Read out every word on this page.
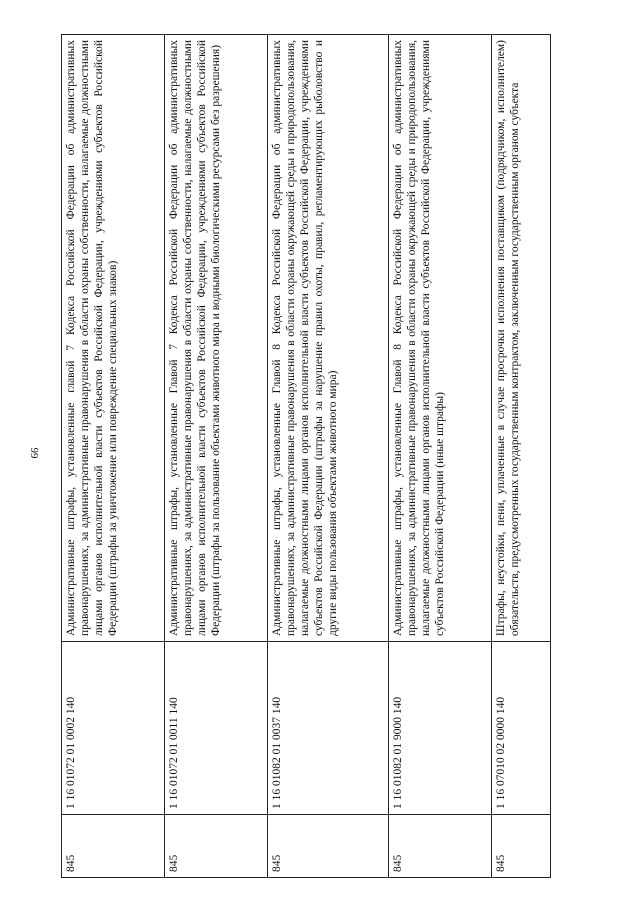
99
845	1 16 01072 01 0002 140	Административные штрафы, установленные главой 7 Кодекса Российской Федерации об административных правонарушениях, за административные правонарушения в области охраны собственности, налагаемые должностными лицами органов исполнительной власти субъектов Российской Федерации, учреждениями субъектов Российской Федерации (штрафы за уничтожение или повреждение специальных знаков)
845	1 16 01072 01 0011 140	Административные штрафы, установленные Главой 7 Кодекса Российской Федерации об административных правонарушениях, за административные правонарушения в области охраны собственности, налагаемые должностными лицами органов исполнительной власти субъектов Российской Федерации, учреждениями субъектов Российской Федерации (штрафы за пользование объектами животного мира и водными биологическими ресурсами без разрешения)
845	1 16 01082 01 0037 140	Административные штрафы, установленные Главой 8 Кодекса Российской Федерации об административных правонарушениях, за административные правонарушения в области охраны окружающей среды и природопользования, налагаемые должностными лицами органов исполнительной власти субъектов Российской Федерации, учреждениями субъектов Российской Федерации (штрафы за нарушение правил охоты, правил, регламентирующих рыболовство и другие виды пользования объектами животного мира)
845	1 16 01082 01 9000 140	Административные штрафы, установленные Главой 8 Кодекса Российской Федерации об административных правонарушениях, за административные правонарушения в области охраны окружающей среды и природопользования, налагаемые должностными лицами органов исполнительной власти субъектов Российской Федерации, учреждениями субъектов Российской Федерации (иные штрафы)
845	1 16 07010 02 0000 140	Штрафы, неустойки, пени, уплаченные в случае просрочки исполнения поставщиком (подрядчиком, исполнителем) обязательств, предусмотренных государственным контрактом, заключенным государственным органом субъекта
